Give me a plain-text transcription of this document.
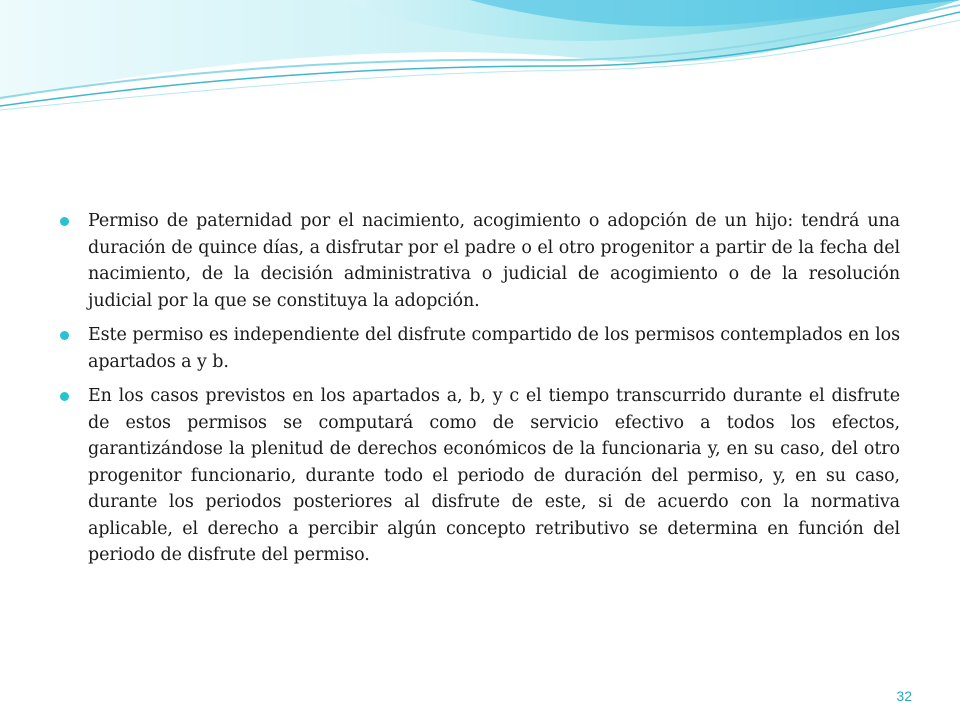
Permiso de paternidad por el nacimiento, acogimiento o adopción de un hijo: tendrá una duración de quince días, a disfrutar por el padre o el otro progenitor a partir de la fecha del nacimiento, de la decisión administrativa o judicial de acogimiento o de la resolución judicial por la que se constituya la adopción.
Este permiso es independiente del disfrute compartido de los permisos contemplados en los apartados a y b.
En los casos previstos en los apartados a, b, y c el tiempo transcurrido durante el disfrute de estos permisos se computará como de servicio efectivo a todos los efectos, garantizándose la plenitud de derechos económicos de la funcionaria y, en su caso, del otro progenitor funcionario, durante todo el periodo de duración del permiso, y, en su caso, durante los periodos posteriores al disfrute de este, si de acuerdo con la normativa aplicable, el derecho a percibir algún concepto retributivo se determina en función del periodo de disfrute del permiso.
32
